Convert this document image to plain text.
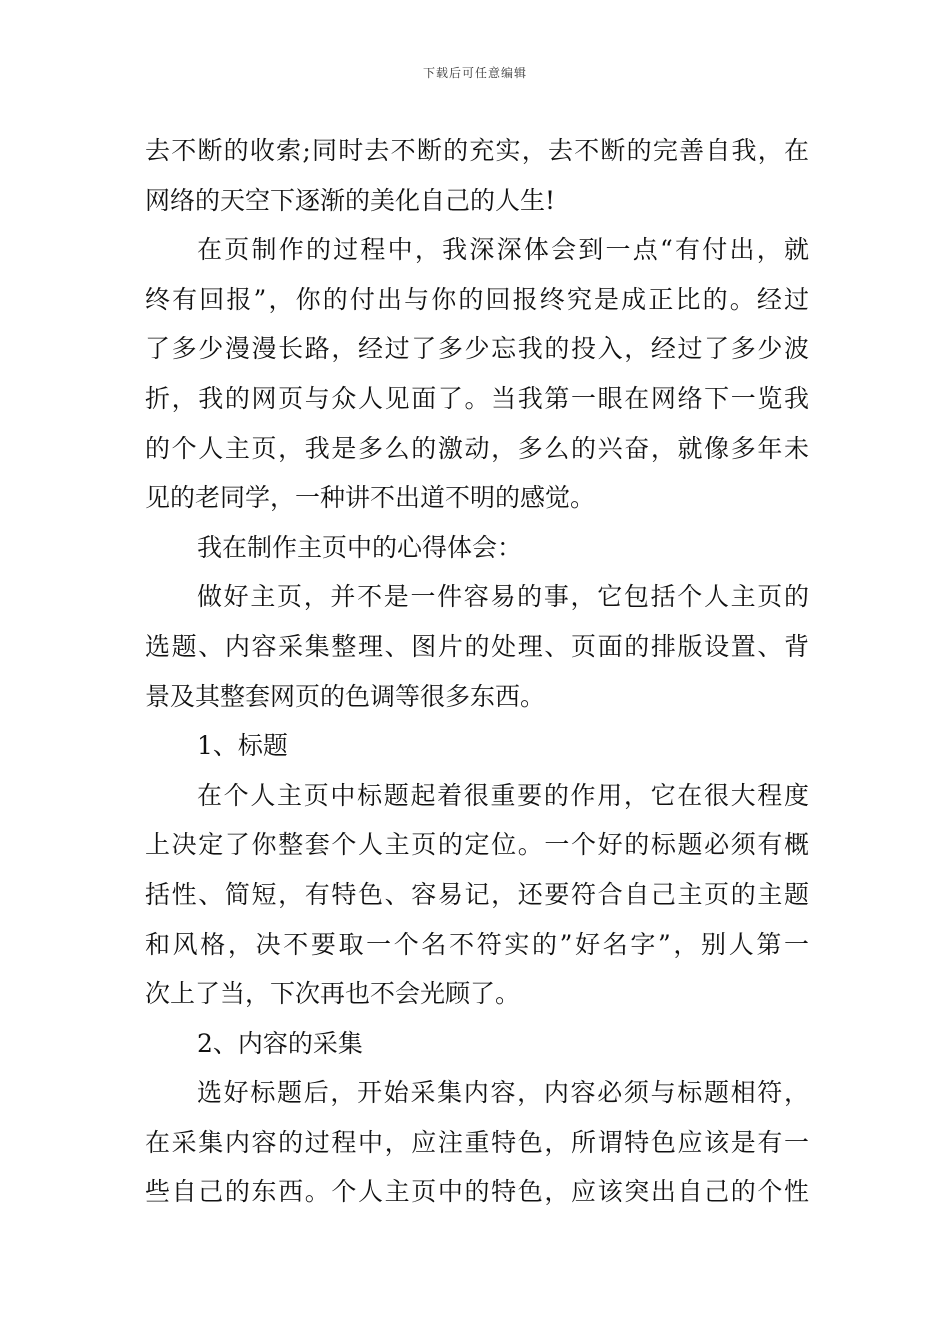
下载后可任意编辑
去不断的收索;同时去不断的充实，去不断的完善自我，在
网络的天空下逐渐的美化自己的人生!
在页制作的过程中，我深深体会到一点“有付出，就
终有回报”，你的付出与你的回报终究是成正比的。经过
了多少漫漫长路，经过了多少忘我的投入，经过了多少波
折，我的网页与众人见面了。当我第一眼在网络下一览我
的个人主页，我是多么的激动，多么的兴奋，就像多年未
见的老同学，一种讲不出道不明的感觉。
我在制作主页中的心得体会：
做好主页，并不是一件容易的事，它包括个人主页的
选题、内容采集整理、图片的处理、页面的排版设置、背
景及其整套网页的色调等很多东西。
1、标题
在个人主页中标题起着很重要的作用，它在很大程度
上决定了你整套个人主页的定位。一个好的标题必须有概
括性、简短，有特色、容易记，还要符合自己主页的主题
和风格，决不要取一个名不符实的”好名字”，别人第一
次上了当，下次再也不会光顾了。
2、内容的采集
选好标题后，开始采集内容，内容必须与标题相符，
在采集内容的过程中，应注重特色，所谓特色应该是有一
些自己的东西。个人主页中的特色，应该突出自己的个性
